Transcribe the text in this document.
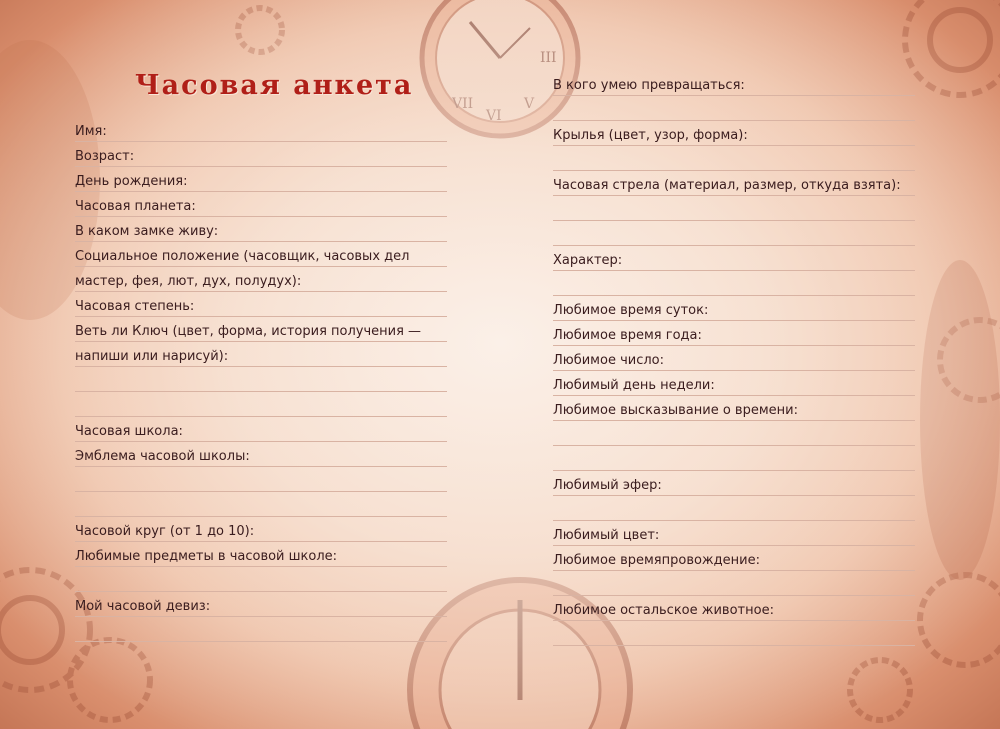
Часовая анкета
Имя:
Возраст:
День рождения:
Часовая планета:
В каком замке живу:
Социальное положение (часовщик, часовых дел
мастер, фея, лют, дух, полудух):
Часовая степень:
Веть ли Ключ (цвет, форма, история получения —
напиши или нарисуй):
Часовая школа:
Эмблема часовой школы:
Часовой круг (от 1 до 10):
Любимые предметы в часовой школе:
Мой часовой девиз:
В кого умею превращаться:
Крылья (цвет, узор, форма):
Часовая стрела (материал, размер, откуда взята):
Характер:
Любимое время суток:
Любимое время года:
Любимое число:
Любимый день недели:
Любимое высказывание о времени:
Любимый эфер:
Любимый цвет:
Любимое времяпровождение:
Любимое остальское животное:
